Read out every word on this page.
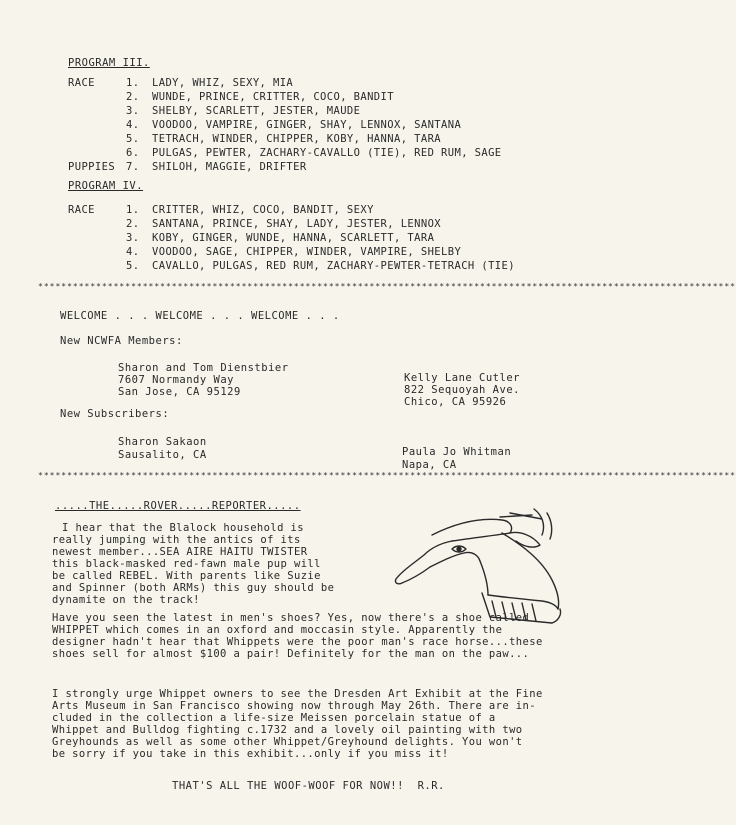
PROGRAM III.
RACE	1. LADY, WHIZ, SEXY, MIA
2. WUNDE, PRINCE, CRITTER, COCO, BANDIT
3. SHELBY, SCARLETT, JESTER, MAUDE
4. VOODOO, VAMPIRE, GINGER, SHAY, LENNOX, SANTANA
5. TETRACH, WINDER, CHIPPER, KOBY, HANNA, TARA
6. PULGAS, PEWTER, ZACHARY-CAVALLO (TIE), RED RUM, SAGE
PUPPIES 7. SHILOH, MAGGIE, DRIFTER
PROGRAM IV.
RACE	1. CRITTER, WHIZ, COCO, BANDIT, SEXY
2. SANTANA, PRINCE, SHAY, LADY, JESTER, LENNOX
3. KOBY, GINGER, WUNDE, HANNA, SCARLETT, TARA
4. VOODOO, SAGE, CHIPPER, WINDER, VAMPIRE, SHELBY
5. CAVALLO, PULGAS, RED RUM, ZACHARY-PEWTER-TETRACH (TIE)
************************************************************************************************************************
WELCOME . . . WELCOME . . . WELCOME . . .
New NCWFA Members:
Sharon and Tom Dienstbier
7607 Normandy Way
San Jose, CA 95129
Kelly Lane Cutler
822 Sequoyah Ave.
Chico, CA 95926
New Subscribers:
Sharon Sakaon
Sausalito, CA	Paula Jo Whitman
Napa, CA
************************************************************************************************************************
.....THE.....ROVER.....REPORTER.....
I hear that the Blalock household is
really jumping with the antics of its
newest member...SEA AIRE HAITU TWISTER
this black-masked red-fawn male pup will
be called REBEL. With parents like Suzie
and Spinner (both ARMs) this guy should be
dynamite on the track!
Have you seen the latest in men's shoes? Yes, now there's a shoe called
WHIPPET which comes in an oxford and moccasin style. Apparently the
designer hadn't hear that Whippets were the poor man's race horse...these
shoes sell for almost $100 a pair! Definitely for the man on the paw...
I strongly urge Whippet owners to see the Dresden Art Exhibit at the Fine
Arts Museum in San Francisco showing now through May 26th. There are in-
cluded in the collection a life-size Meissen porcelain statue of a
Whippet and Bulldog fighting c.1732 and a lovely oil painting with two
Greyhounds as well as some other Whippet/Greyhound delights. You won't
be sorry if you take in this exhibit...only if you miss it!
THAT'S ALL THE WOOF-WOOF FOR NOW!!  R.R.
